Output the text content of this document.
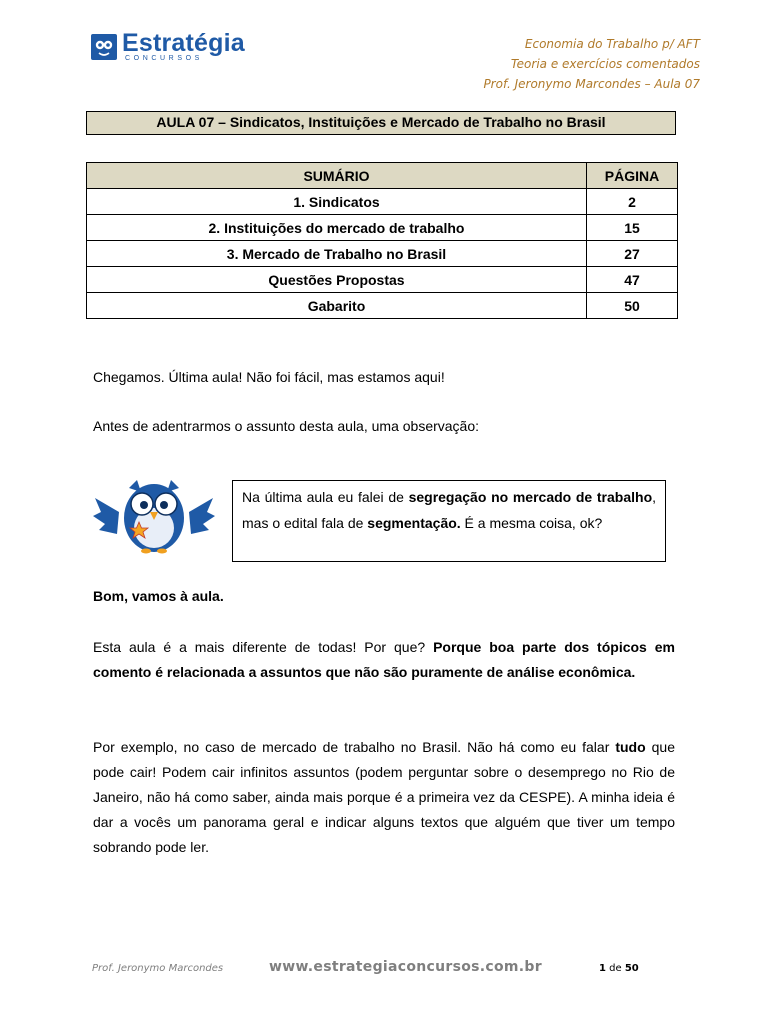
Estratégia
CONCURSOS
Economia do Trabalho p/ AFT
Teoria e exercícios comentados
Prof. Jeronymo Marcondes – Aula 07
AULA 07 – Sindicatos, Instituições e Mercado de Trabalho no Brasil
SUMÁRIO	PÁGINA
1. Sindicatos	2
2. Instituições do mercado de trabalho	15
3. Mercado de Trabalho no Brasil	27
Questões Propostas	47
Gabarito	50
Chegamos. Última aula! Não foi fácil, mas estamos aqui!
Antes de adentrarmos o assunto desta aula, uma observação:
Na última aula eu falei de segregação no mercado de trabalho, mas o edital fala de segmentação. É a mesma coisa, ok?
Bom, vamos à aula.
Esta aula é a mais diferente de todas! Por que? Porque boa parte dos tópicos em comento é relacionada a assuntos que não são puramente de análise econômica.
Por exemplo, no caso de mercado de trabalho no Brasil. Não há como eu falar tudo que pode cair! Podem cair infinitos assuntos (podem perguntar sobre o desemprego no Rio de Janeiro, não há como saber, ainda mais porque é a primeira vez da CESPE). A minha ideia é dar a vocês um panorama geral e indicar alguns textos que alguém que tiver um tempo sobrando pode ler.
Prof. Jeronymo Marcondes	www.estrategiaconcursos.com.br	1 de 50
